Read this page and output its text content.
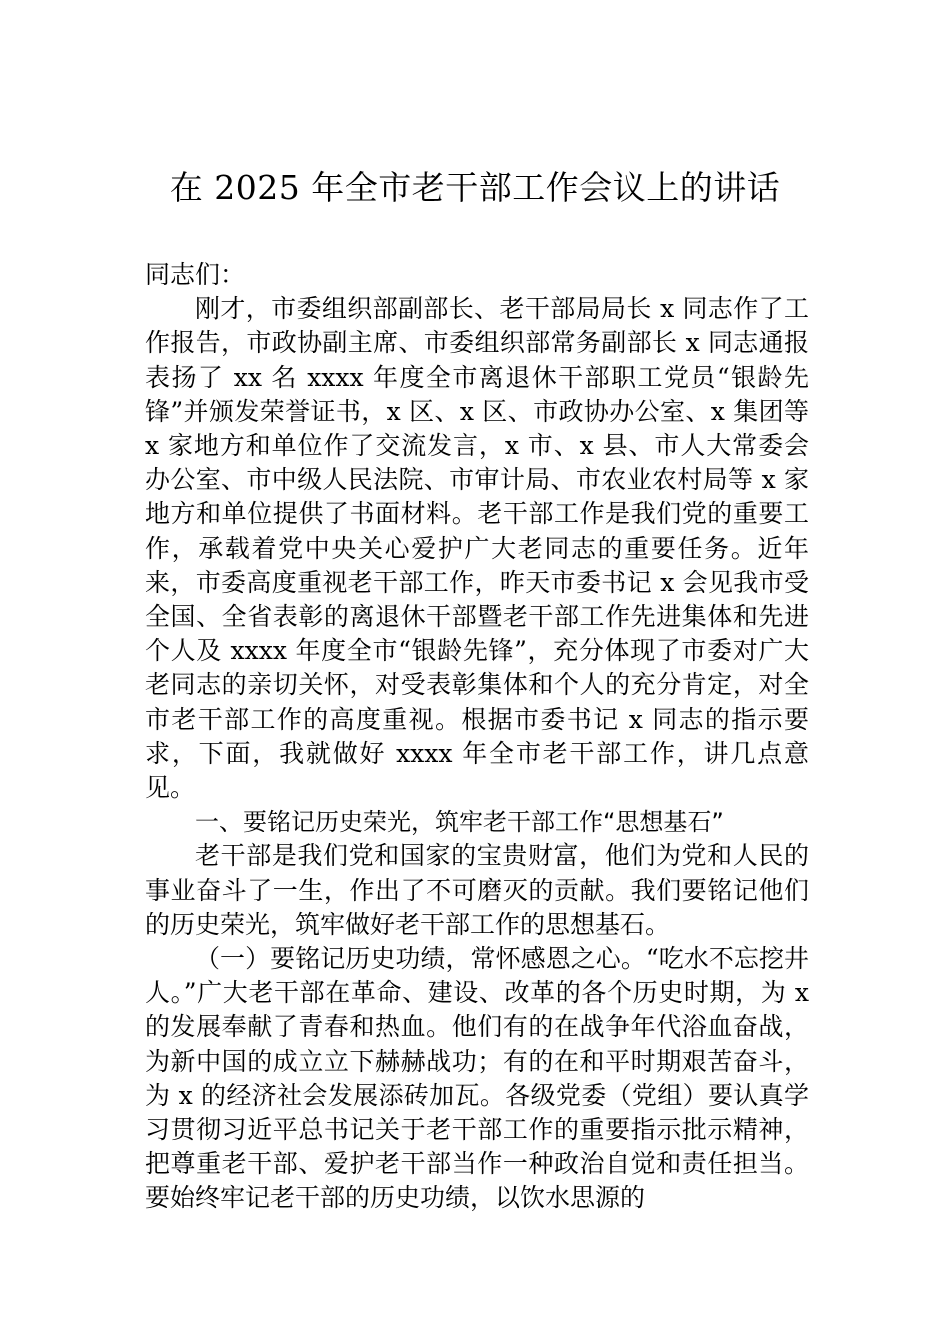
在 2025 年全市老干部工作会议上的讲话

同志们：

刚才，市委组织部副部长、老干部局局长 x 同志作了工作报告，市政协副主席、市委组织部常务副部长 x 同志通报表扬了 xx 名 xxxx 年度全市离退休干部职工党员“银龄先锋”并颁发荣誉证书，x 区、x 区、市政协办公室、x 集团等 x 家地方和单位作了交流发言，x 市、x 县、市人大常委会办公室、市中级人民法院、市审计局、市农业农村局等 x 家地方和单位提供了书面材料。老干部工作是我们党的重要工作，承载着党中央关心爱护广大老同志的重要任务。近年来，市委高度重视老干部工作，昨天市委书记 x 会见我市受全国、全省表彰的离退休干部暨老干部工作先进集体和先进个人及 xxxx 年度全市“银龄先锋”，充分体现了市委对广大老同志的亲切关怀，对受表彰集体和个人的充分肯定，对全市老干部工作的高度重视。根据市委书记 x 同志的指示要求，下面，我就做好 xxxx 年全市老干部工作，讲几点意见。

一、要铭记历史荣光，筑牢老干部工作“思想基石”

老干部是我们党和国家的宝贵财富，他们为党和人民的事业奋斗了一生，作出了不可磨灭的贡献。我们要铭记他们的历史荣光，筑牢做好老干部工作的思想基石。

（一）要铭记历史功绩，常怀感恩之心。“吃水不忘挖井人。”广大老干部在革命、建设、改革的各个历史时期，为 x 的发展奉献了青春和热血。他们有的在战争年代浴血奋战，为新中国的成立立下赫赫战功；有的在和平时期艰苦奋斗，为 x 的经济社会发展添砖加瓦。各级党委（党组）要认真学习贯彻习近平总书记关于老干部工作的重要指示批示精神，把尊重老干部、爱护老干部当作一种政治自觉和责任担当。要始终牢记老干部的历史功绩，以饮水思源的
